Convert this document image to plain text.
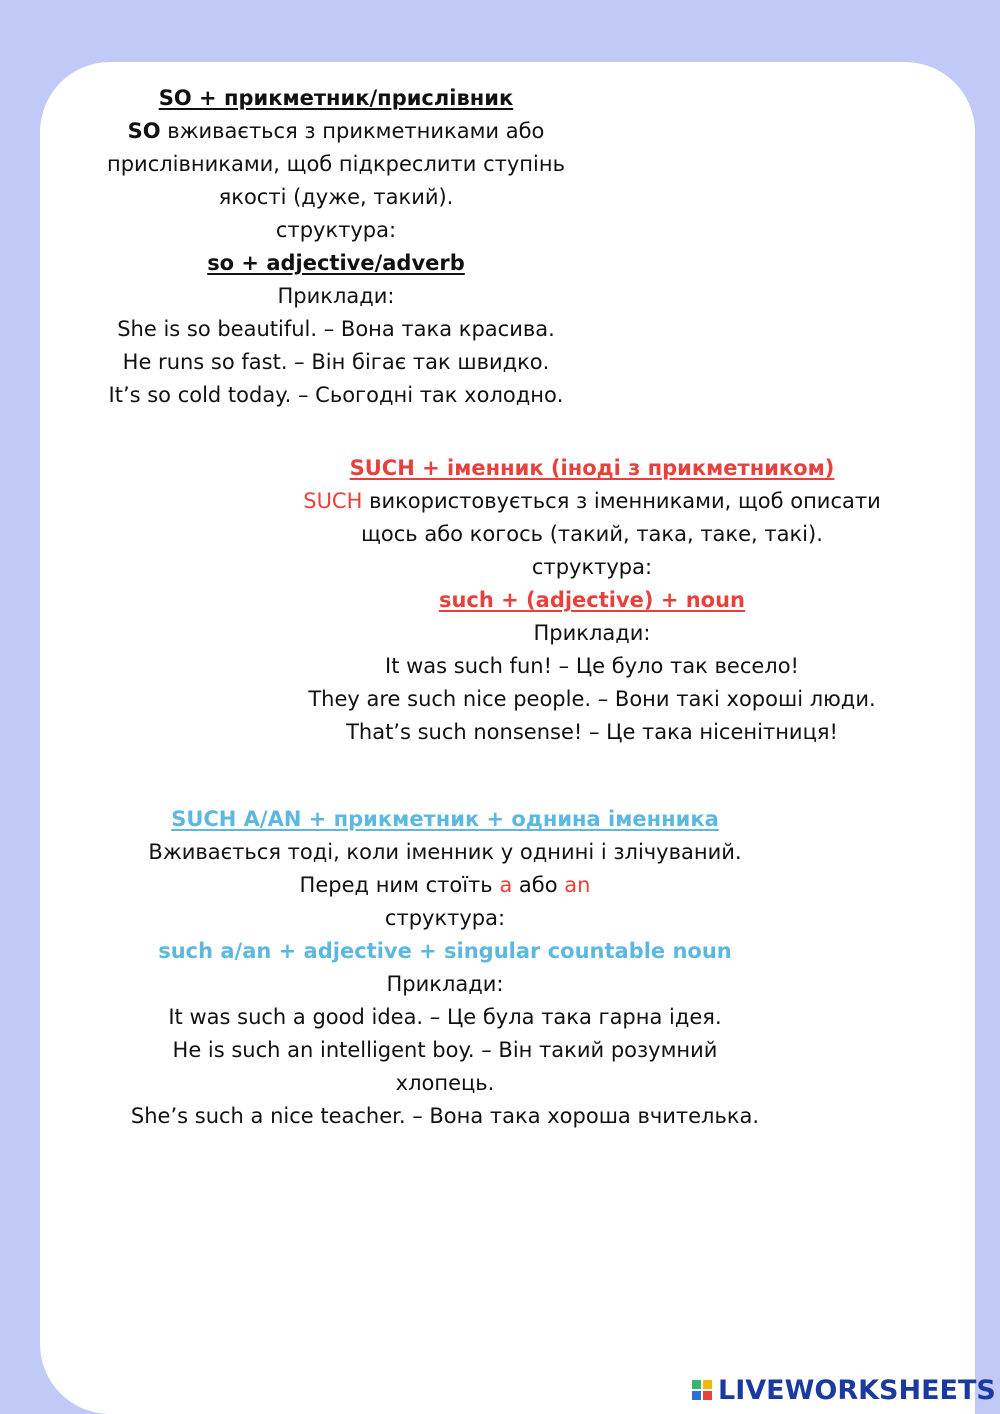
SO + прикметник/прислівник
SO вживається з прикметниками або прислівниками, щоб підкреслити ступінь якості (дуже, такий).
структура:
so + adjective/adverb
Приклади:
She is so beautiful. – Вона така красива.
He runs so fast. – Він бігає так швидко.
It’s so cold today. – Сьогодні так холодно.
SUCH + іменник (іноді з прикметником)
SUCH використовується з іменниками, щоб описати щось або когось (такий, така, таке, такі).
структура:
such + (adjective) + noun
Приклади:
It was such fun! – Це було так весело!
They are such nice people. – Вони такі хороші люди.
That’s such nonsense! – Це така нісенітниця!
SUCH A/AN + прикметник + однина іменника
Вживається тоді, коли іменник у однині і злічуваний.
Перед ним стоїть a або an
структура:
such a/an + adjective + singular countable noun
Приклади:
It was such a good idea. – Це була така гарна ідея.
He is such an intelligent boy. – Він такий розумний хлопець.
She’s such a nice teacher. – Вона така хороша вчителька.
LIVEWORKSHEETS
